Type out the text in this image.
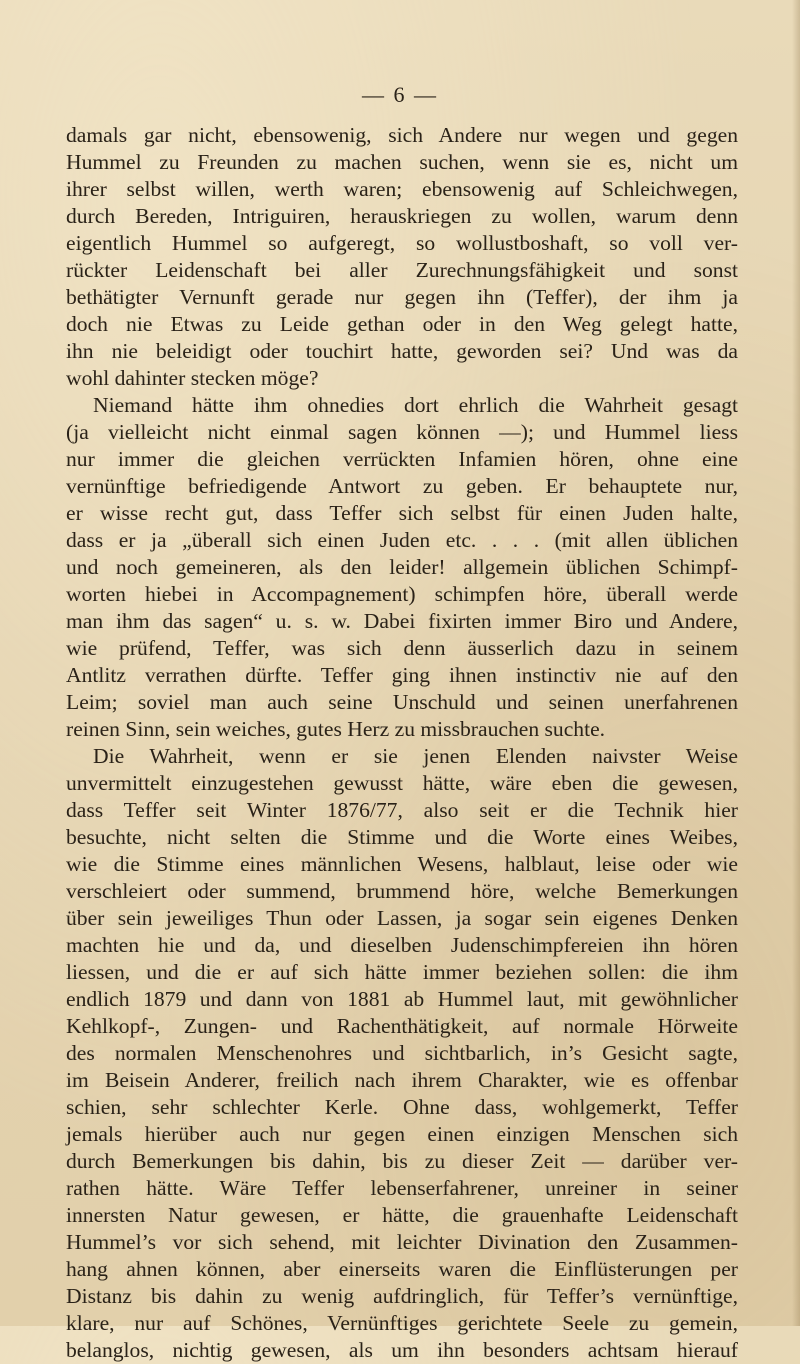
— 6 —
damals gar nicht, ebensowenig, sich Andere nur wegen und gegen
Hummel zu Freunden zu machen suchen, wenn sie es, nicht um
ihrer selbst willen, werth waren; ebensowenig auf Schleichwegen,
durch Bereden, Intriguiren, herauskriegen zu wollen, warum denn
eigentlich Hummel so aufgeregt, so wollustboshaft, so voll ver-
rückter Leidenschaft bei aller Zurechnungsfähigkeit und sonst
bethätigter Vernunft gerade nur gegen ihn (Teffer), der ihm ja
doch nie Etwas zu Leide gethan oder in den Weg gelegt hatte,
ihn nie beleidigt oder touchirt hatte, geworden sei? Und was da
wohl dahinter stecken möge?
Niemand hätte ihm ohnedies dort ehrlich die Wahrheit gesagt
(ja vielleicht nicht einmal sagen können —); und Hummel liess
nur immer die gleichen verrückten Infamien hören, ohne eine
vernünftige befriedigende Antwort zu geben. Er behauptete nur,
er wisse recht gut, dass Teffer sich selbst für einen Juden halte,
dass er ja „überall sich einen Juden etc. . . . (mit allen üblichen
und noch gemeineren, als den leider! allgemein üblichen Schimpf-
worten hiebei in Accompagnement) schimpfen höre, überall werde
man ihm das sagen“ u. s. w. Dabei fixirten immer Biro und Andere,
wie prüfend, Teffer, was sich denn äusserlich dazu in seinem
Antlitz verrathen dürfte. Teffer ging ihnen instinctiv nie auf den
Leim; soviel man auch seine Unschuld und seinen unerfahrenen
reinen Sinn, sein weiches, gutes Herz zu missbrauchen suchte.
Die Wahrheit, wenn er sie jenen Elenden naivster Weise
unvermittelt einzugestehen gewusst hätte, wäre eben die gewesen,
dass Teffer seit Winter 1876/77, also seit er die Technik hier
besuchte, nicht selten die Stimme und die Worte eines Weibes,
wie die Stimme eines männlichen Wesens, halblaut, leise oder wie
verschleiert oder summend, brummend höre, welche Bemerkungen
über sein jeweiliges Thun oder Lassen, ja sogar sein eigenes Denken
machten hie und da, und dieselben Judenschimpfereien ihn hören
liessen, und die er auf sich hätte immer beziehen sollen: die ihm
endlich 1879 und dann von 1881 ab Hummel laut, mit gewöhnlicher
Kehlkopf-, Zungen- und Rachenthätigkeit, auf normale Hörweite
des normalen Menschenohres und sichtbarlich, in’s Gesicht sagte,
im Beisein Anderer, freilich nach ihrem Charakter, wie es offenbar
schien, sehr schlechter Kerle. Ohne dass, wohlgemerkt, Teffer
jemals hierüber auch nur gegen einen einzigen Menschen sich
durch Bemerkungen bis dahin, bis zu dieser Zeit — darüber ver-
rathen hätte. Wäre Teffer lebenserfahrener, unreiner in seiner
innersten Natur gewesen, er hätte, die grauenhafte Leidenschaft
Hummel’s vor sich sehend, mit leichter Divination den Zusammen-
hang ahnen können, aber einerseits waren die Einflüsterungen per
Distanz bis dahin zu wenig aufdringlich, für Teffer’s vernünftige,
klare, nur auf Schönes, Vernünftiges gerichtete Seele zu gemein,
belanglos, nichtig gewesen, als um ihn besonders achtsam hierauf
